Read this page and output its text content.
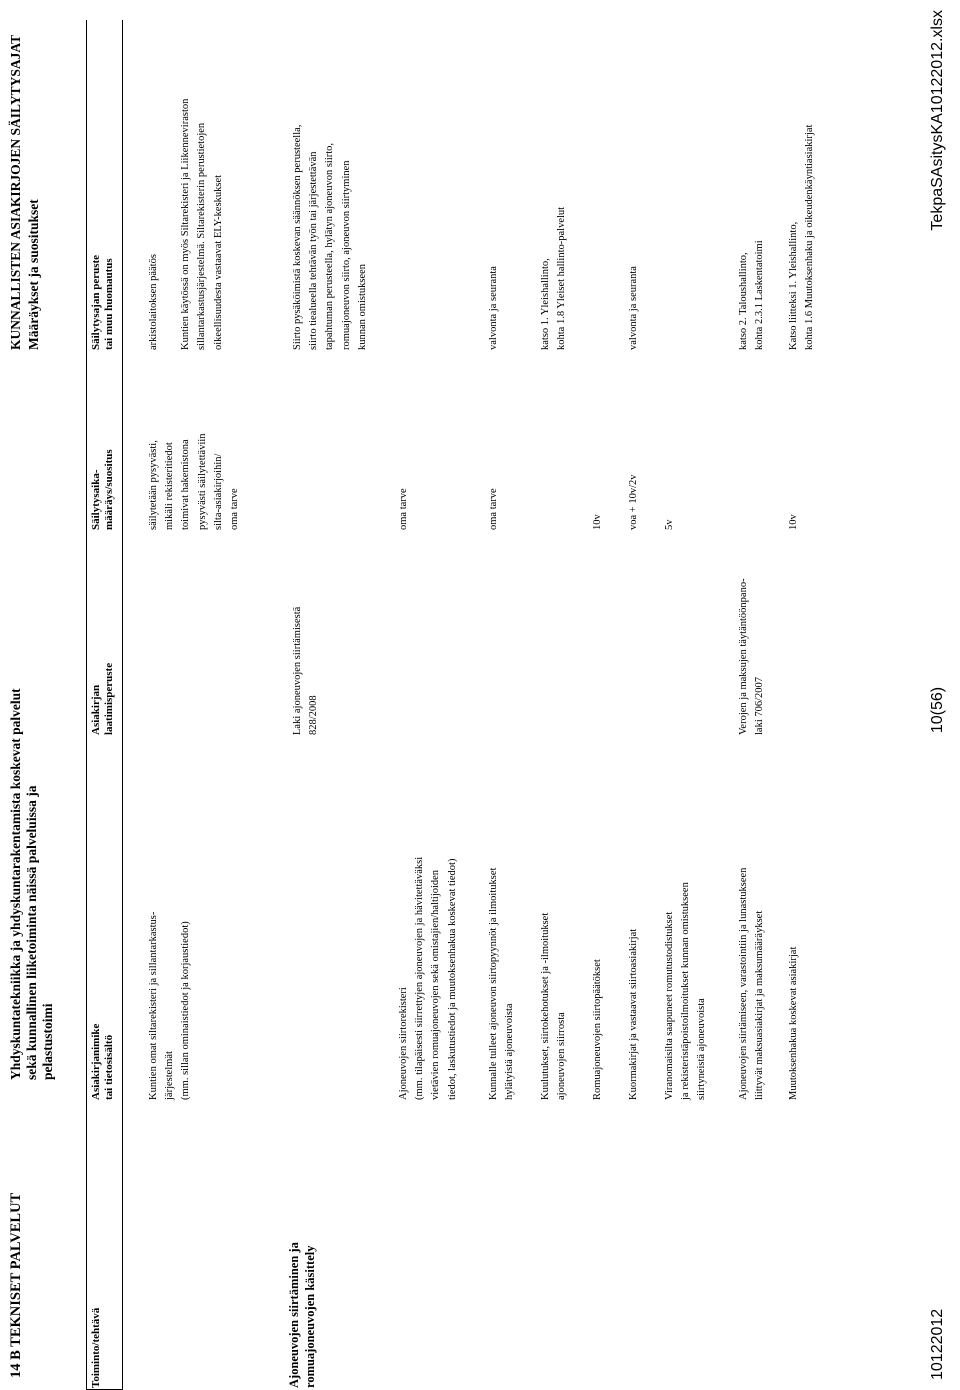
14 B TEKNISET PALVELUT
Yhdyskuntatekniikka ja yhdyskuntarakentamista koskevat palvelut sekä kunnallinen liiketoiminta näissä palveluissa ja pelastustoimi
KUNNALLISTEN ASIAKIRJOJEN SÄILYTYSAJAT Määräykset ja suositukset
Toiminto/tehtävä
Asiakirjanimike tai tietosisältö
Asiakirjan laatimisperuste
Säilytysaika- määräys/suositus
Säilytysajan peruste tai muu huomautus
Kuntien omat siltarekisteri ja sillantarkastus- järjestelmät (mm. sillan ominaistiedot ja korjaustiedot)
säilytetään pysyvästi, mikäli rekisteritiedot toimivat hakemistona pysyvästi säilytettäviin silta-asiakirjoihin/ oma tarve
arkistolaitoksen päätös	Kuntien käytössä on myös Siltarekisteri ja Liikenneviraston sillantarkastusjärjestelmä. Siltarekisterin perustietojen oikeellisuudesta vastaavat ELY-keskukset
Ajoneuvojen siirtäminen ja romuajoneuvojen käsittely
Laki ajoneuvojen siirtämisestä 828/2008
Siirto pysäköimistä koskevan säännöksen perusteella, siirto tiealueella tehtävän työn tai järjestettävän tapahtuman perusteella, hylätyn ajoneuvon siirto, romuajoneuvon siirto, ajoneuvon siirtyminen kunnan omistukseen
Ajoneuvojen siirtorekisteri (mm. tilapäisesti siirrettyjen ajoneuvojen ja hävitettäväksi vietävien romuajoneuvojen sekä omistajien/haltijoiden tiedot, laskutustiedot ja muutoksenhakua koskevat tiedot)
oma tarve
Kunnalle tulleet ajoneuvon siirtopyynnöt ja ilmoitukset hylätyistä ajoneuvoista
oma tarve
valvonta ja seuranta
Kuulutukset, siirtokehotukset ja -ilmoitukset ajoneuvojen siirrosta
katso 1. Yleishallinto, kohta 1.8 Yleiset hallinto-palvelut
Romuajoneuvojen siirtopäätökset
10v
Kuormakirjat ja vastaavat siirtoasiakirjat
voa + 10v/2v
valvonta ja seuranta
Viranomaisilta saapuneet romutustodistukset ja rekisteristäpoistoilmoitukset kunnan omistukseen siirtyneistä ajoneuvoista
5v
Ajoneuvojen siirtämiseen, varastointiin ja lunastukseen liittyvät maksuasiakirjat ja maksumääräykset
Verojen ja maksujen täytäntöönpano- laki 706/2007
katso 2. Taloushallinto, kohta 2.3.1 Laskentatoimi
Muutoksenhakua koskevat asiakirjat
10v
Katso liitteksi 1. Yleishallinto, kohta 1.6 Muutoksenhaku ja oikeudenkäyntiasiakirjat
10122012
10(56)
TekpaSAsitysKA10122012.xlsx
